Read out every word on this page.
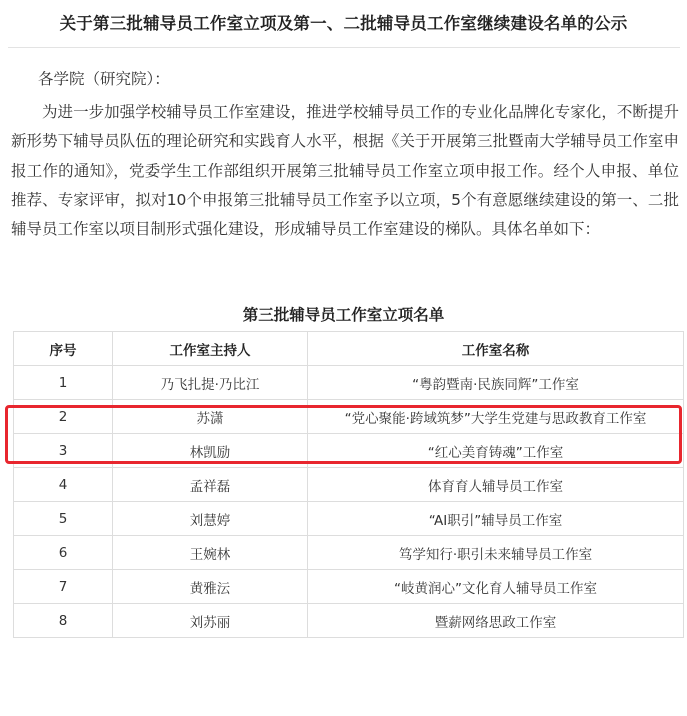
关于第三批辅导员工作室立项及第一、二批辅导员工作室继续建设名单的公示
各学院（研究院）：
为进一步加强学校辅导员工作室建设，推进学校辅导员工作的专业化品牌化专家化，不断提升新形势下辅导员队伍的理论研究和实践育人水平，根据《关于开展第三批暨南大学辅导员工作室申报工作的通知》，党委学生工作部组织开展第三批辅导员工作室立项申报工作。经个人申报、单位推荐、专家评审，拟对10个申报第三批辅导员工作室予以立项，5个有意愿继续建设的第一、二批辅导员工作室以项目制形式强化建设，形成辅导员工作室建设的梯队。具体名单如下：
第三批辅导员工作室立项名单
序号	工作室主持人	工作室名称
1	乃飞扎提·乃比江	“粤韵暨南·民族同辉”工作室
2	苏潇	“党心聚能·跨域筑梦”大学生党建与思政教育工作室
3	林凯励	“红心美育铸魂”工作室
4	孟祥磊	体育育人辅导员工作室
5	刘慧婷	“AI职引”辅导员工作室
6	王婉林	笃学知行·职引未来辅导员工作室
7	黄雅沄	“岐黄润心”文化育人辅导员工作室
8	刘苏丽	暨薪网络思政工作室
